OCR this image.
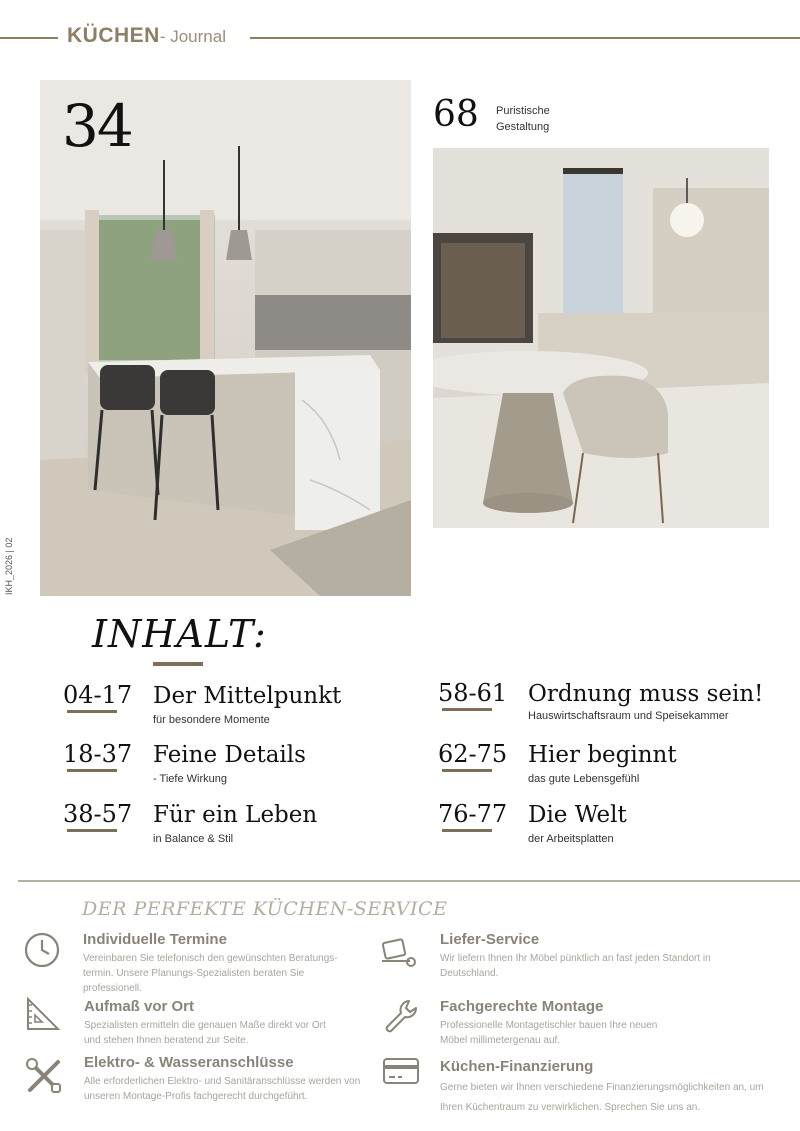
KÜCHEN- Journal
34	68 Puristische
Gestaltung
IKH_2026 | 02
INHALT:
04-17 Der Mittelpunkt
für besondere Momente
18-37 Feine Details
- Tiefe Wirkung
38-57 Für ein Leben
in Balance & Stil
58-61 Ordnung muss sein!
Hauswirtschaftsraum und Speisekammer
62-75 Hier beginnt
das gute Lebensgefühl
76-77 Die Welt
der Arbeitsplatten
DER PERFEKTE KÜCHEN-SERVICE
Individuelle Termine
Vereinbaren Sie telefonisch den gewünschten Beratungs-termin. Unsere Planungs-Spezialisten beraten Sie professionell.
Liefer-Service
Wir liefern Ihnen Ihr Möbel pünktlich an fast jeden Standort in Deutschland.
Aufmaß vor Ort
Spezialisten ermitteln die genauen Maße direkt vor Ort und stehen Ihnen beratend zur Seite.
Fachgerechte Montage
Professionelle Montagetischler bauen Ihre neuen Möbel millimetergenau auf.
Elektro- & Wasseranschlüsse
Alle erforderlichen Elektro- und Sanitäranschlüsse werden von unseren Montage-Profis fachgerecht durchgeführt.
Küchen-Finanzierung
Gerne bieten wir Ihnen verschiedene Finanzierungsmöglichkeiten an, um Ihren Küchentraum zu verwirklichen. Sprechen Sie uns an.
